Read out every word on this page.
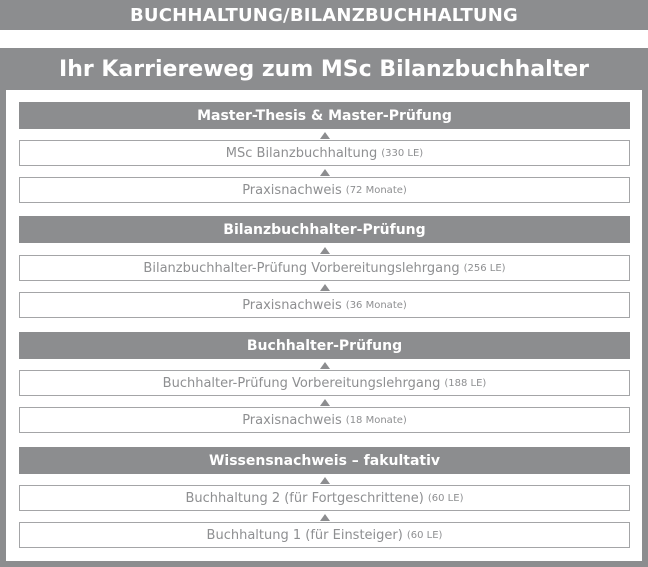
BUCHHALTUNG/BILANZBUCHHALTUNG
Ihr Karriereweg zum MSc Bilanzbuchhalter
Master-Thesis & Master-Prüfung
MSc Bilanzbuchhaltung (330 LE)
Praxisnachweis (72 Monate)
Bilanzbuchhalter-Prüfung
Bilanzbuchhalter-Prüfung Vorbereitungslehrgang (256 LE)
Praxisnachweis (36 Monate)
Buchhalter-Prüfung
Buchhalter-Prüfung Vorbereitungslehrgang (188 LE)
Praxisnachweis (18 Monate)
Wissensnachweis – fakultativ
Buchhaltung 2 (für Fortgeschrittene) (60 LE)
Buchhaltung 1 (für Einsteiger) (60 LE)
